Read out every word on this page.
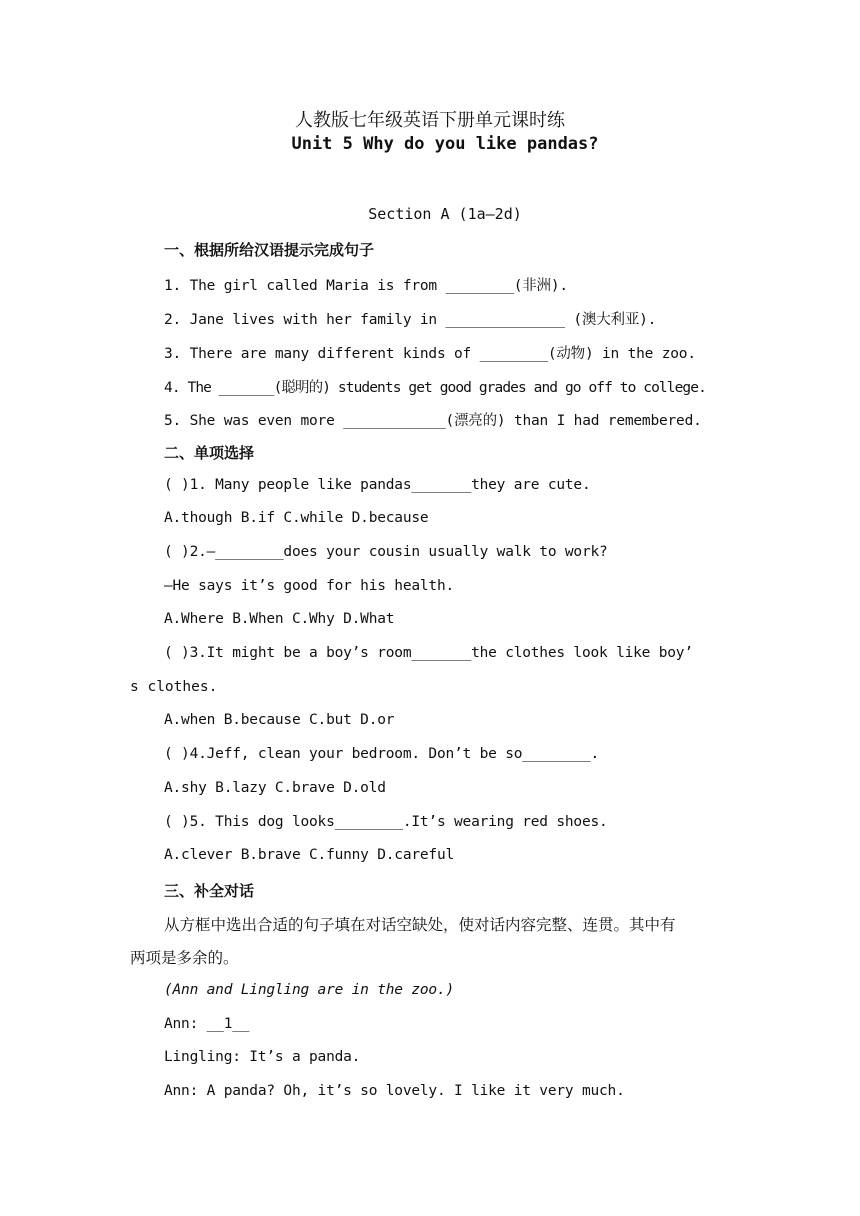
人教版七年级英语下册单元课时练
Unit 5 Why do you like pandas?
Section A (1a—2d)
一、根据所给汉语提示完成句子
1. The girl called Maria is from ________(非洲).
2. Jane lives with her family in ______________ (澳大利亚).
3. There are many different kinds of ________(动物) in the zoo.
4. The _______(聪明的) students get good grades and go off to college.
5. She was even more ____________(漂亮的) than I had remembered.
二、单项选择
( )1. Many people like pandas_______they are cute.
A.though B.if C.while D.because
( )2.—________does your cousin usually walk to work?
—He says it’s good for his health.
A.Where B.When C.Why D.What
( )3.It might be a boy’s room_______the clothes look like boy’
s clothes.
A.when B.because C.but D.or
( )4.Jeff, clean your bedroom. Don’t be so________.
A.shy B.lazy C.brave D.old
( )5. This dog looks________.It’s wearing red shoes.
A.clever B.brave C.funny D.careful
三、补全对话
从方框中选出合适的句子填在对话空缺处，使对话内容完整、连贯。其中有
两项是多余的。
(Ann and Lingling are in the zoo.)
Ann: __1__
Lingling: It’s a panda.
Ann: A panda? Oh, it’s so lovely. I like it very much.
